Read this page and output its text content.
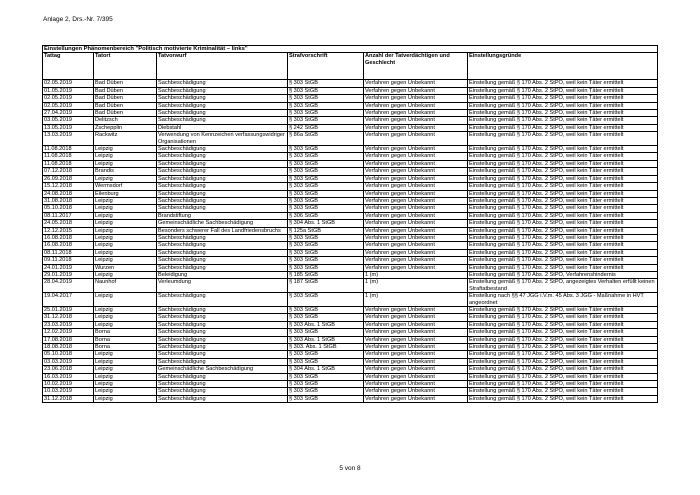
Anlage 2, Drs.-Nr. 7/395
Einstellungen Phänomenbereich "Politisch motivierte Kriminalität – links"					
Tattag	Tatort	Tatvorwurf	Strafvorschrift	Anzahl der Tatverdächtigen und Geschlecht	Einstellungsgründe
02.05.2019	Bad Düben	Sachbeschädigung	§ 303 StGB	Verfahren gegen Unbekannt	Einstellung gemäß § 170 Abs. 2 StPO, weil kein Täter ermittelt
01.05.2019	Bad Düben	Sachbeschädigung	§ 303 StGB	Verfahren gegen Unbekannt	Einstellung gemäß § 170 Abs. 2 StPO, weil kein Täter ermittelt
02.05.2019	Bad Düben	Sachbeschädigung	§ 303 StGB	Verfahren gegen Unbekannt	Einstellung gemäß § 170 Abs. 2 StPO, weil kein Täter ermittelt
02.05.2019	Bad Düben	Sachbeschädigung	§ 303 StGB	Verfahren gegen Unbekannt	Einstellung gemäß § 170 Abs. 2 StPO, weil kein Täter ermittelt
27.04.2019	Bad Düben	Sachbeschädigung	§ 303 StGB	Verfahren gegen Unbekannt	Einstellung gemäß § 170 Abs. 2 StPO, weil kein Täter ermittelt
03.05.2019	Delitzsch	Sachbeschädigung	§ 303 StGB	Verfahren gegen Unbekannt	Einstellung gemäß § 170 Abs. 2 StPO, weil kein Täter ermittelt
13.05.2019	Zschepplin	Diebstahl	§ 242 StGB	Verfahren gegen Unbekannt	Einstellung gemäß § 170 Abs. 2 StPO, weil kein Täter ermittelt
13.03.2019	Rackwitz	Verwendung von Kennzeichen verfassungswidriger Organisationen	§ 86a StGB	Verfahren gegen Unbekannt	Einstellung gemäß § 170 Abs. 2 StPO, weil kein Täter ermittelt
11.08.2018	Leipzig	Sachbeschädigung	§ 303 StGB	Verfahren gegen Unbekannt	Einstellung gemäß § 170 Abs. 2 StPO, weil kein Täter ermittelt
11.08.2018	Leipzig	Sachbeschädigung	§ 303 StGB	Verfahren gegen Unbekannt	Einstellung gemäß § 170 Abs. 2 StPO, weil kein Täter ermittelt
11.08.2018	Leipzig	Sachbeschädigung	§ 303 StGB	Verfahren gegen Unbekannt	Einstellung gemäß § 170 Abs. 2 StPO, weil kein Täter ermittelt
07.12.2018	Brandis	Sachbeschädigung	§ 303 StGB	Verfahren gegen Unbekannt	Einstellung gemäß § 170 Abs. 2 StPO, weil kein Täter ermittelt
26.09.2018	Leipzig	Sachbeschädigung	§ 303 StGB	Verfahren gegen Unbekannt	Einstellung gemäß § 170 Abs. 2 StPO, weil kein Täter ermittelt
15.12.2018	Wermsdorf	Sachbeschädigung	§ 303 StGB	Verfahren gegen Unbekannt	Einstellung gemäß § 170 Abs. 2 StPO, weil kein Täter ermittelt
24.08.2018	Eilenburg	Sachbeschädigung	§ 303 StGB	Verfahren gegen Unbekannt	Einstellung gemäß § 170 Abs. 2 StPO, weil kein Täter ermittelt
31.08.2018	Leipzig	Sachbeschädigung	§ 303 StGB	Verfahren gegen Unbekannt	Einstellung gemäß § 170 Abs. 2 StPO, weil kein Täter ermittelt
05.10.2018	Leipzig	Sachbeschädigung	§ 303 StGB	Verfahren gegen Unbekannt	Einstellung gemäß § 170 Abs. 2 StPO, weil kein Täter ermittelt
08.11.2017	Leipzig	Brandstiftung	§ 306 StGB	Verfahren gegen Unbekannt	Einstellung gemäß § 170 Abs. 2 StPO, weil kein Täter ermittelt
24.05.2018	Leipzig	Gemeinschädliche Sachbeschädigung	§ 304 Abs. 1 StGB	Verfahren gegen Unbekannt	Einstellung gemäß § 170 Abs. 2 StPO, weil kein Täter ermittelt
12.12.2015	Leipzig	Besonders schwerer Fall des Landfriedensbruchs	§ 125a StGB	Verfahren gegen Unbekannt	Einstellung gemäß § 170 Abs. 2 StPO, weil kein Täter ermittelt
16.08.2018	Leipzig	Sachbeschädigung	§ 303 StGB	Verfahren gegen Unbekannt	Einstellung gemäß § 170 Abs. 2 StPO, weil kein Täter ermittelt
16.08.2018	Leipzig	Sachbeschädigung	§ 303 StGB	Verfahren gegen Unbekannt	Einstellung gemäß § 170 Abs. 2 StPO, weil kein Täter ermittelt
08.11.2018	Leipzig	Sachbeschädigung	§ 303 StGB	Verfahren gegen Unbekannt	Einstellung gemäß § 170 Abs. 2 StPO, weil kein Täter ermittelt
09.11.2018	Leipzig	Sachbeschädigung	§ 303 StGB	Verfahren gegen Unbekannt	Einstellung gemäß § 170 Abs. 2 StPO, weil kein Täter ermittelt
24.01.2019	Wurzen	Sachbeschädigung	§ 303 StGB	Verfahren gegen Unbekannt	Einstellung gemäß § 170 Abs. 2 StPO, weil kein Täter ermittelt
29.01.2019	Leipzig	Beleidigung	§ 185 StGB	1 (m)	Einstellung gemäß § 170 Abs. 2 StPO, Verfahrenshindernis
28.04.2019	Naunhof	Verleumdung	§ 187 StGB	1 (m)	Einstellung gemäß § 170 Abs. 2 StPO, angezeigtes Verhalten erfüllt keinen Straftatbestand
19.04.2017	Leipzig	Sachbeschädigung	§ 303 StGB	1 (m)	Einstellung nach §§ 47 JGG i.V.m. 45 Abs. 3 JGG - Maßnahme in HVT angeordnet
25.01.2019	Leipzig	Sachbeschädigung	§ 303 StGB	Verfahren gegen Unbekannt	Einstellung gemäß § 170 Abs. 2 StPO, weil kein Täter ermittelt
31.12.2018	Leipzig	Sachbeschädigung	§ 303 StGB	Verfahren gegen Unbekannt	Einstellung gemäß § 170 Abs. 2 StPO, weil kein Täter ermittelt
23.03.2019	Leipzig	Sachbeschädigung	§ 303 Abs. 1 StGB	Verfahren gegen Unbekannt	Einstellung gemäß § 170 Abs. 2 StPO, weil kein Täter ermittelt
12.02.2019	Borna	Sachbeschädigung	§ 303 StGB	Verfahren gegen Unbekannt	Einstellung gemäß § 170 Abs. 2 StPO, weil kein Täter ermittelt
17.08.2018	Borna	Sachbeschädigung	§ 303 Abs. 1 StGB	Verfahren gegen Unbekannt	Einstellung gemäß § 170 Abs. 2 StPO, weil kein Täter ermittelt
18.08.2018	Borna	Sachbeschädigung	§ 303. Abs. 1 StGB	Verfahren gegen Unbekannt	Einstellung gemäß § 170 Abs. 2 StPO, weil kein Täter ermittelt
05.10.2018	Leipzig	Sachbeschädigung	§ 303 StGB	Verfahren gegen Unbekannt	Einstellung gemäß § 170 Abs. 2 StPO, weil kein Täter ermittelt
03.03.2019	Leipzig	Sachbeschädigung	§ 303 StGB	Verfahren gegen Unbekannt	Einstellung gemäß § 170 Abs. 2 StPO, weil kein Täter ermittelt
23.06.2018	Leipzig	Gemeinschädliche Sachbeschädigung	§ 304 Abs. 1 StGB	Verfahren gegen Unbekannt	Einstellung gemäß § 170 Abs. 2 StPO, weil kein Täter ermittelt
16.03.2019	Leipzig	Sachbeschädigung	§ 303 StGB	Verfahren gegen Unbekannt	Einstellung gemäß § 170 Abs. 2 StPO, weil kein Täter ermittelt
10.02.2019	Leipzig	Sachbeschädigung	§ 303 StGB	Verfahren gegen Unbekannt	Einstellung gemäß § 170 Abs. 2 StPO, weil kein Täter ermittelt
10.03.2019	Leipzig	Sachbeschädigung	§ 303 StGB	Verfahren gegen Unbekannt	Einstellung gemäß § 170 Abs. 2 StPO, weil kein Täter ermittelt
31.12.2018	Leipzig	Sachbeschädigung	§ 303 StGB	Verfahren gegen Unbekannt	Einstellung gemäß § 170 Abs. 2 StPO, weil kein Täter ermittelt
5 von 8
